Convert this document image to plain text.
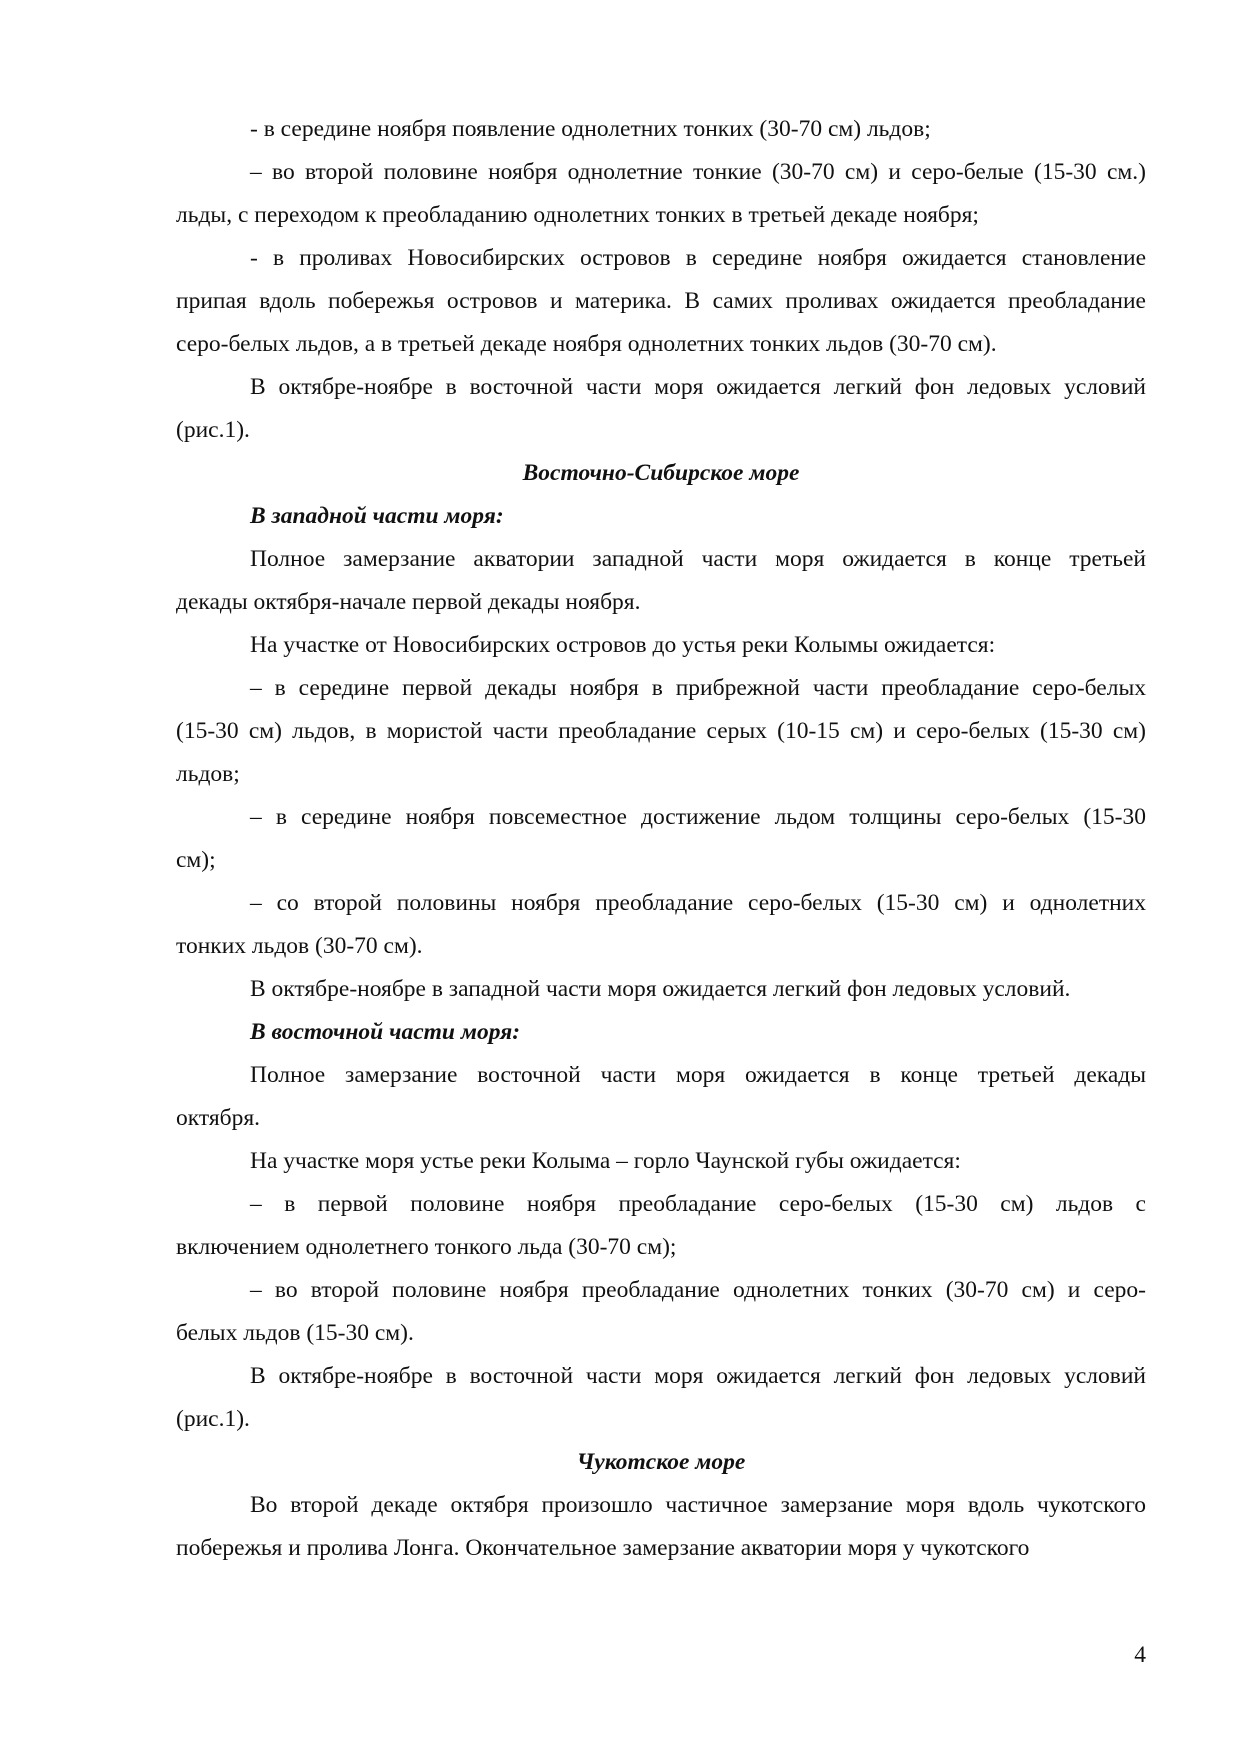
- в середине ноября появление однолетних тонких (30-70 см) льдов;
– во второй половине ноября однолетние тонкие (30-70 см) и серо-белые (15-30 см.)
льды, с переходом к преобладанию однолетних тонких в третьей декаде ноября;
- в проливах Новосибирских островов в середине ноября ожидается становление
припая вдоль побережья островов и материка. В самих проливах ожидается преобладание
серо-белых льдов, а в третьей декаде ноября однолетних тонких льдов (30-70 см).
В октябре-ноябре в восточной части моря ожидается легкий фон ледовых условий
(рис.1).
Восточно-Сибирское море
В западной части моря:
Полное замерзание акватории западной части моря ожидается в конце третьей
декады октября-начале первой декады ноября.
На участке от Новосибирских островов до устья реки Колымы ожидается:
– в середине первой декады ноября в прибрежной части преобладание серо-белых
(15-30 см) льдов, в мористой части преобладание серых (10-15 см) и серо-белых (15-30 см)
льдов;
– в середине ноября повсеместное достижение льдом толщины серо-белых (15-30
см);
– со второй половины ноября преобладание серо-белых (15-30 см) и однолетних
тонких льдов (30-70 см).
В октябре-ноябре в западной части моря ожидается легкий фон ледовых условий.
В восточной части моря:
Полное замерзание восточной части моря ожидается в конце третьей декады
октября.
На участке моря устье реки Колыма – горло Чаунской губы ожидается:
– в первой половине ноября преобладание серо-белых (15-30 см) льдов с
включением однолетнего тонкого льда (30-70 см);
– во второй половине ноября преобладание однолетних тонких (30-70 см) и серо-
белых льдов (15-30 см).
В октябре-ноябре в восточной части моря ожидается легкий фон ледовых условий
(рис.1).
Чукотское море
Во второй декаде октября произошло частичное замерзание моря вдоль чукотского
побережья и пролива Лонга. Окончательное замерзание акватории моря у чукотского
4
